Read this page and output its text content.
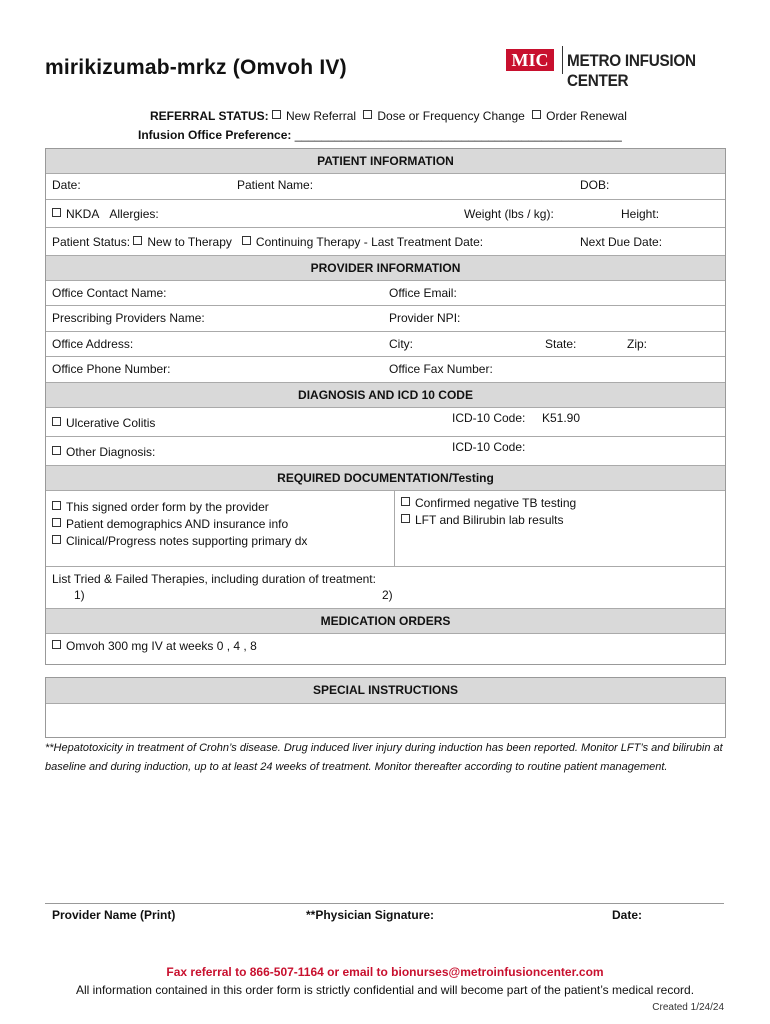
mirikizumab-mrkz (Omvoh IV)	MIC	METRO INFUSION CENTER
REFERRAL STATUS: New Referral Dose or Frequency Change Order Renewal
Infusion Office Preference: _________________________________________________
PATIENT INFORMATION
Date:	Patient Name:	DOB:
NKDA Allergies:	Weight (lbs / kg):	Height:
Patient Status: New to Therapy Continuing Therapy - Last Treatment Date:	Next Due Date:
PROVIDER INFORMATION
Office Contact Name:	Office Email:
Prescribing Providers Name:	Provider NPI:
Office Address:	City:	State:	Zip:
Office Phone Number:	Office Fax Number:
DIAGNOSIS AND ICD 10 CODE
Ulcerative Colitis	ICD-10 Code: K51.90
Other Diagnosis:	ICD-10 Code:
REQUIRED DOCUMENTATION/Testing
This signed order form by the provider
Patient demographics AND insurance info
Clinical/Progress notes supporting primary dx
Confirmed negative TB testing
LFT and Bilirubin lab results
List Tried & Failed Therapies, including duration of treatment:
1)	2)
MEDICATION ORDERS
Omvoh 300 mg IV at weeks 0 , 4 , 8
SPECIAL INSTRUCTIONS
**Hepatotoxicity in treatment of Crohn’s disease. Drug induced liver injury during induction has been reported. Monitor LFT’s and bilirubin at baseline and during induction, up to at least 24 weeks of treatment. Monitor thereafter according to routine patient management.
Provider Name (Print)	**Physician Signature:	Date:
Fax referral to 866-507-1164 or email to bionurses@metroinfusioncenter.com
All information contained in this order form is strictly confidential and will become part of the patient’s medical record.
Created 1/24/24
